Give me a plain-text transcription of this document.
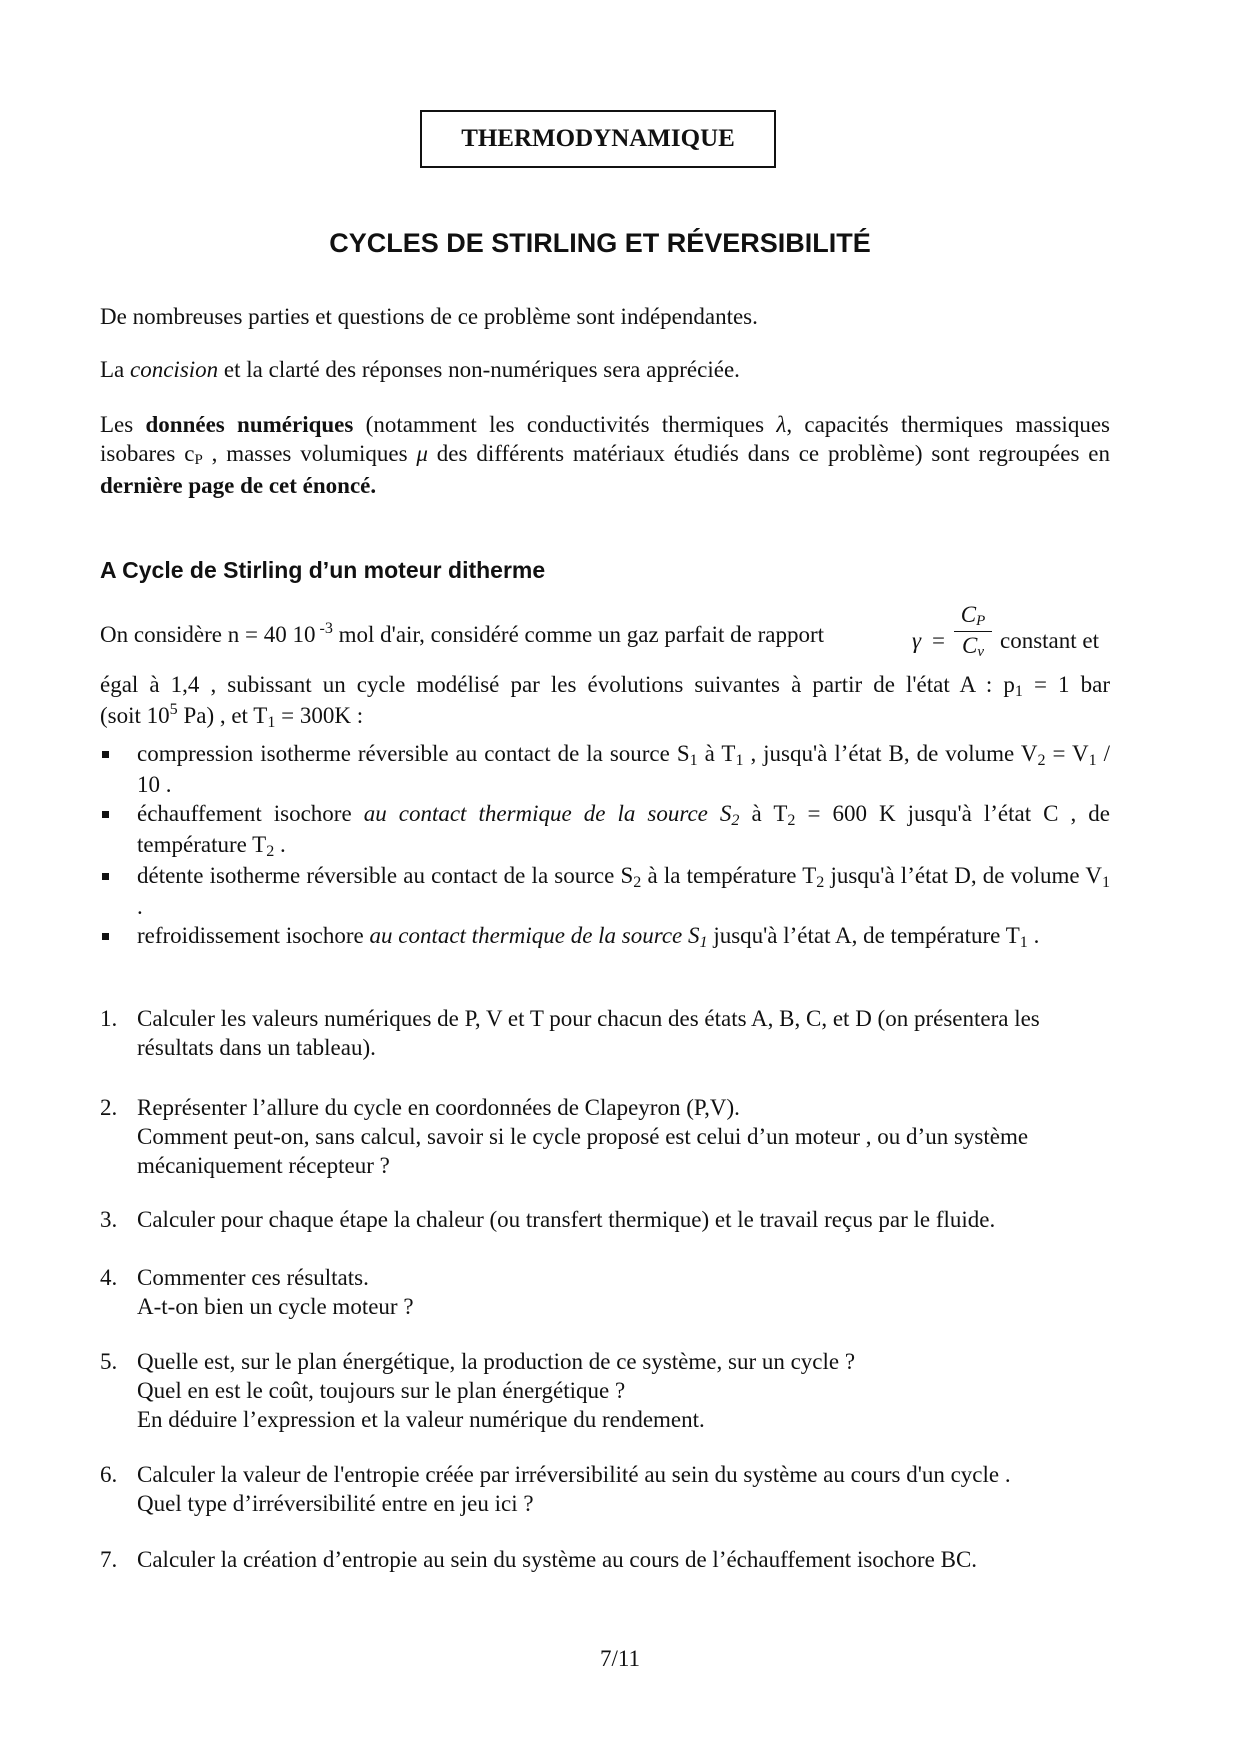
THERMODYNAMIQUE
CYCLES DE STIRLING ET RÉVERSIBILITÉ

De nombreuses parties et questions de ce problème sont indépendantes.

La concision et la clarté des réponses non-numériques sera appréciée.

Les données numériques (notamment les conductivités thermiques λ, capacités thermiques massiques isobares cP , masses volumiques μ des différents matériaux étudiés dans ce problème) sont regroupées en dernière page de cet énoncé.

A Cycle de Stirling d’un moteur ditherme

On considère n = 40 10 $^{-3}$ mol d'air, considéré comme un gaz parfait de rapport	$\gamma = \frac{CP}{Cv}$ constant et

égal à 1,4 , subissant un cycle modélisé par les évolutions suivantes à partir de l'état A : $p_1 = 1$ bar

(soit $10^5$ Pa) , et $T_1 = 300K$ :

compression isotherme réversible au contact de la source $S_1$ à $T_1$ , jusqu'à l’état B, de volume $V_2 = V_1 / 10$ .
échauffement isochore au contact thermique de la source $S_2$ à $T_2 = 600$ K jusqu'à l’état C , de température $T_2$ .
détente isotherme réversible au contact de la source $S_2$ à la température $T_2$ jusqu'à l’état D, de volume $V_1$ .
refroidissement isochore au contact thermique de la source $S_1$ jusqu'à l’état A, de température $T_1$ .
1. Calculer les valeurs numériques de P, V et T pour chacun des états A, B, C, et D (on présentera les résultats dans un tableau).
2. Représenter l’allure du cycle en coordonnées de Clapeyron (P,V).
Comment peut-on, sans calcul, savoir si le cycle proposé est celui d’un moteur , ou d’un système mécaniquement récepteur ?
3. Calculer pour chaque étape la chaleur (ou transfert thermique) et le travail reçus par le fluide.
4. Commenter ces résultats.
A-t-on bien un cycle moteur ?
5. Quelle est, sur le plan énergétique, la production de ce système, sur un cycle ?
Quel en est le coût, toujours sur le plan énergétique ?
En déduire l’expression et la valeur numérique du rendement.
6. Calculer la valeur de l'entropie créée par irréversibilité au sein du système au cours d'un cycle .
Quel type d’irréversibilité entre en jeu ici ?
7. Calculer la création d’entropie au sein du système au cours de l’échauffement isochore BC.
7/11
